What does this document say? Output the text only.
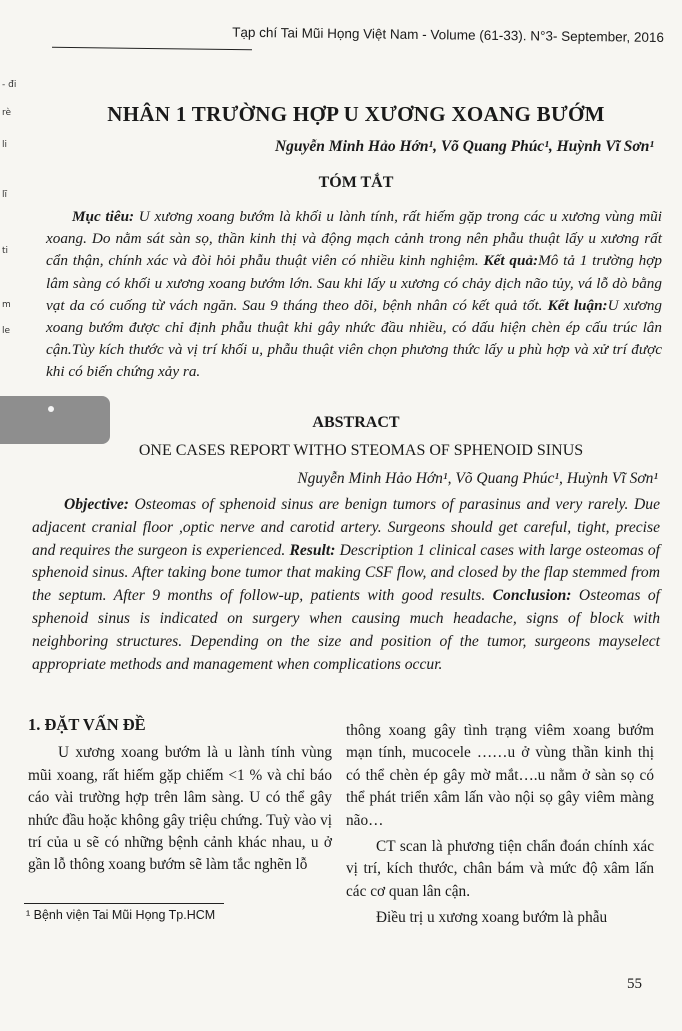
- đi
rè
li
lĩ
ti
m
le
Tạp chí Tai Mũi Họng Việt Nam - Volume (61-33). N°3- September, 2016
NHÂN 1 TRƯỜNG HỢP U XƯƠNG XOANG BƯỚM
Nguyễn Minh Hảo Hớn¹, Võ Quang Phúc¹, Huỳnh Vĩ Sơn¹
TÓM TẮT
Mục tiêu: U xương xoang bướm là khối u lành tính, rất hiếm gặp trong các u xương vùng mũi xoang. Do nằm sát sàn sọ, thần kinh thị và động mạch cảnh trong nên phẫu thuật lấy u xương rất cẩn thận, chính xác và đòi hỏi phẫu thuật viên có nhiều kinh nghiệm. Kết quả:Mô tả 1 trường hợp lâm sàng có khối u xương xoang bướm lớn. Sau khi lấy u xương có chảy dịch não tủy, vá lỗ dò bằng vạt da có cuống từ vách ngăn. Sau 9 tháng theo dõi, bệnh nhân có kết quả tốt. Kết luận:U xương xoang bướm được chỉ định phẫu thuật khi gây nhức đầu nhiều, có dấu hiện chèn ép cấu trúc lân cận.Tùy kích thước và vị trí khối u, phẫu thuật viên chọn phương thức lấy u phù hợp và xử trí được khi có biến chứng xảy ra.
ABSTRACT
ONE CASES REPORT WITHO STEOMAS OF SPHENOID SINUS
Nguyễn Minh Hảo Hớn¹, Võ Quang Phúc¹, Huỳnh Vĩ Sơn¹
Objective: Osteomas of sphenoid sinus are benign tumors of parasinus and very rarely. Due adjacent cranial floor ,optic nerve and carotid artery. Surgeons should get careful, tight, precise and requires the surgeon is experienced. Result: Description 1 clinical cases with large osteomas of sphenoid sinus. After taking bone tumor that making CSF flow, and closed by the flap stemmed from the septum. After 9 months of follow-up, patients with good results. Conclusion: Osteomas of sphenoid sinus is indicated on surgery when causing much headache, signs of block with neighboring structures. Depending on the size and position of the tumor, surgeons mayselect appropriate methods and management when complications occur.
1. ĐẶT VẤN ĐỀ

U xương xoang bướm là u lành tính vùng mũi xoang, rất hiếm gặp chiếm <1 % và chỉ báo cáo vài trường hợp trên lâm sàng. U có thể gây nhức đầu hoặc không gây triệu chứng. Tuỳ vào vị trí của u sẽ có những bệnh cảnh khác nhau, u ở gần lỗ thông xoang bướm sẽ làm tắc nghẽn lỗ

thông xoang gây tình trạng viêm xoang bướm mạn tính, mucocele ……u ở vùng thần kinh thị có thể chèn ép gây mờ mắt….u nằm ở sàn sọ có thể phát triển xâm lấn vào nội sọ gây viêm màng não…

CT scan là phương tiện chẩn đoán chính xác vị trí, kích thước, chân bám và mức độ xâm lấn các cơ quan lân cận.

Điều trị u xương xoang bướm là phẫu

¹ Bệnh viện Tai Mũi Họng Tp.HCM
55
